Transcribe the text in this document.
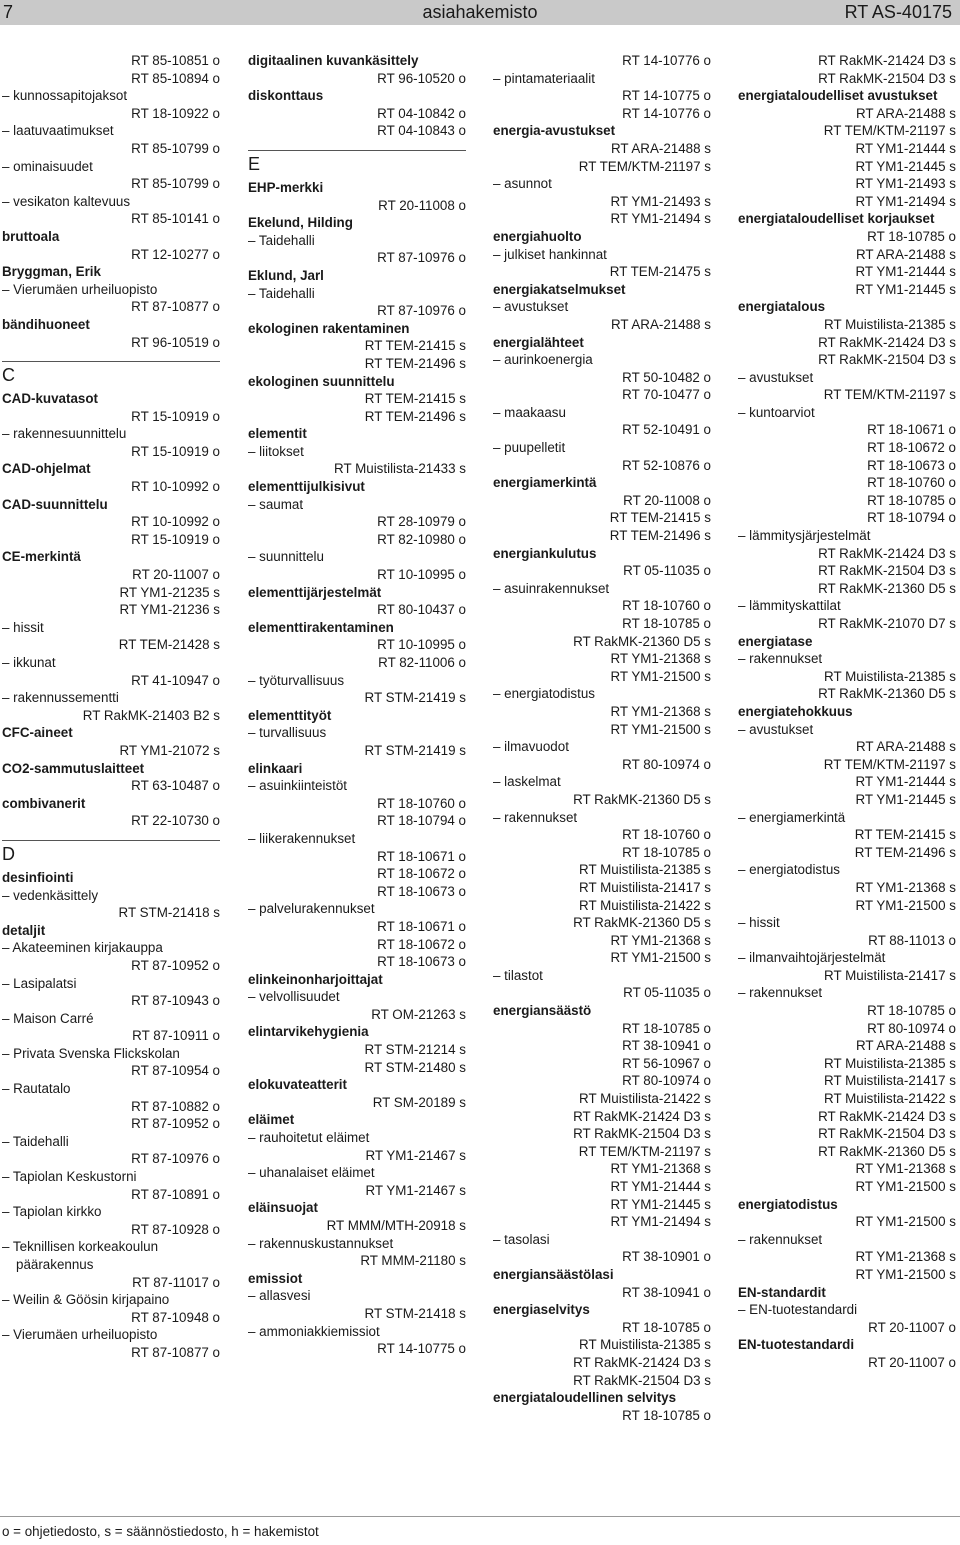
7	asiahakemisto	RT AS-40175
RT 85-10851 o
RT 85-10894 o
– kunnossapitojaksot
RT 18-10922 o
– laatuvaatimukset
RT 85-10799 o
– ominaisuudet
RT 85-10799 o
– vesikaton kaltevuus
RT 85-10141 o
bruttoala
RT 12-10277 o
Bryggman, Erik
– Vierumäen urheiluopisto
RT 87-10877 o
bändihuoneet
RT 96-10519 o
C
CAD-kuvatasot
RT 15-10919 o
– rakennesuunnittelu
RT 15-10919 o
CAD-ohjelmat
RT 10-10992 o
CAD-suunnittelu
RT 10-10992 o
RT 15-10919 o
CE-merkintä
RT 20-11007 o
RT YM1-21235 s
RT YM1-21236 s
– hissit
RT TEM-21428 s
– ikkunat
RT 41-10947 o
– rakennussementti
RT RakMK-21403 B2 s
CFC-aineet
RT YM1-21072 s
CO2-sammutuslaitteet
RT 63-10487 o
combivanerit
RT 22-10730 o
D
desinfiointi
– vedenkäsittely
RT STM-21418 s
detaljit
– Akateeminen kirjakauppa
RT 87-10952 o
– Lasipalatsi
RT 87-10943 o
– Maison Carré
RT 87-10911 o
– Privata Svenska Flickskolan
RT 87-10954 o
– Rautatalo
RT 87-10882 o
RT 87-10952 o
– Taidehalli
RT 87-10976 o
– Tapiolan Keskustorni
RT 87-10891 o
– Tapiolan kirkko
RT 87-10928 o
– Teknillisen korkeakoulun päärakennus
RT 87-11017 o
– Weilin & Göösin kirjapaino
RT 87-10948 o
– Vierumäen urheiluopisto
RT 87-10877 o
digitaalinen kuvankäsittely
RT 96-10520 o
diskonttaus
RT 04-10842 o
RT 04-10843 o
E
EHP-merkki
RT 20-11008 o
Ekelund, Hilding
– Taidehalli
RT 87-10976 o
Eklund, Jarl
– Taidehalli
RT 87-10976 o
ekologinen rakentaminen
RT TEM-21415 s
RT TEM-21496 s
ekologinen suunnittelu
RT TEM-21415 s
RT TEM-21496 s
elementit
– liitokset
RT Muistilista-21433 s
elementtijulkisivut
– saumat
RT 28-10979 o
RT 82-10980 o
– suunnittelu
RT 10-10995 o
elementtijärjestelmät
RT 80-10437 o
elementtirakentaminen
RT 10-10995 o
RT 82-11006 o
– työturvallisuus
RT STM-21419 s
elementtityöt
– turvallisuus
RT STM-21419 s
elinkaari
– asuinkiinteistöt
RT 18-10760 o
RT 18-10794 o
– liikerakennukset
RT 18-10671 o
RT 18-10672 o
RT 18-10673 o
– palvelurakennukset
RT 18-10671 o
RT 18-10672 o
RT 18-10673 o
elinkeinonharjoittajat
– velvollisuudet
RT OM-21263 s
elintarvikehygienia
RT STM-21214 s
RT STM-21480 s
elokuvateatterit
RT SM-20189 s
eläimet
– rauhoitetut eläimet
RT YM1-21467 s
– uhanalaiset eläimet
RT YM1-21467 s
eläinsuojat
RT MMM/MTH-20918 s
– rakennuskustannukset
RT MMM-21180 s
emissiot
– allasvesi
RT STM-21418 s
– ammoniakkiemissiot
RT 14-10775 o
RT 14-10776 o
– pintamateriaalit
RT 14-10775 o
RT 14-10776 o
energia-avustukset
RT ARA-21488 s
RT TEM/KTM-21197 s
– asunnot
RT YM1-21493 s
RT YM1-21494 s
energiahuolto
– julkiset hankinnat
RT TEM-21475 s
energiakatselmukset
– avustukset
RT ARA-21488 s
energialähteet
– aurinkoenergia
RT 50-10482 o
RT 70-10477 o
– maakaasu
RT 52-10491 o
– puupelletit
RT 52-10876 o
energiamerkintä
RT 20-11008 o
RT TEM-21415 s
RT TEM-21496 s
energiankulutus
RT 05-11035 o
– asuinrakennukset
RT 18-10760 o
RT 18-10785 o
RT RakMK-21360 D5 s
RT YM1-21368 s
RT YM1-21500 s
– energiatodistus
RT YM1-21368 s
RT YM1-21500 s
– ilmavuodot
RT 80-10974 o
– laskelmat
RT RakMK-21360 D5 s
– rakennukset
RT 18-10760 o
RT 18-10785 o
RT Muistilista-21385 s
RT Muistilista-21417 s
RT Muistilista-21422 s
RT RakMK-21360 D5 s
RT YM1-21368 s
RT YM1-21500 s
– tilastot
RT 05-11035 o
energiansäästö
RT 18-10785 o
RT 38-10941 o
RT 56-10967 o
RT 80-10974 o
RT Muistilista-21422 s
RT RakMK-21424 D3 s
RT RakMK-21504 D3 s
RT TEM/KTM-21197 s
RT YM1-21368 s
RT YM1-21444 s
RT YM1-21445 s
RT YM1-21494 s
– tasolasi
RT 38-10901 o
energiansäästölasi
RT 38-10941 o
energiaselvitys
RT 18-10785 o
RT Muistilista-21385 s
RT RakMK-21424 D3 s
RT RakMK-21504 D3 s
energiataloudellinen selvitys
RT 18-10785 o
RT RakMK-21424 D3 s
RT RakMK-21504 D3 s
energiataloudelliset avustukset
RT ARA-21488 s
RT TEM/KTM-21197 s
RT YM1-21444 s
RT YM1-21445 s
RT YM1-21493 s
RT YM1-21494 s
energiataloudelliset korjaukset
RT 18-10785 o
RT ARA-21488 s
RT YM1-21444 s
RT YM1-21445 s
energiatalous
RT Muistilista-21385 s
RT RakMK-21424 D3 s
RT RakMK-21504 D3 s
– avustukset
RT TEM/KTM-21197 s
– kuntoarviot
RT 18-10671 o
RT 18-10672 o
RT 18-10673 o
RT 18-10760 o
RT 18-10785 o
RT 18-10794 o
– lämmitysjärjestelmät
RT RakMK-21424 D3 s
RT RakMK-21504 D3 s
RT RakMK-21360 D5 s
– lämmityskattilat
RT RakMK-21070 D7 s
energiatase
– rakennukset
RT Muistilista-21385 s
RT RakMK-21360 D5 s
energiatehokkuus
– avustukset
RT ARA-21488 s
RT TEM/KTM-21197 s
RT YM1-21444 s
RT YM1-21445 s
– energiamerkintä
RT TEM-21415 s
RT TEM-21496 s
– energiatodistus
RT YM1-21368 s
RT YM1-21500 s
– hissit
RT 88-11013 o
– ilmanvaihtojärjestelmät
RT Muistilista-21417 s
– rakennukset
RT 18-10785 o
RT 80-10974 o
RT ARA-21488 s
RT Muistilista-21385 s
RT Muistilista-21417 s
RT Muistilista-21422 s
RT RakMK-21424 D3 s
RT RakMK-21504 D3 s
RT RakMK-21360 D5 s
RT YM1-21368 s
RT YM1-21500 s
energiatodistus
RT YM1-21500 s
– rakennukset
RT YM1-21368 s
RT YM1-21500 s
EN-standardit
– EN-tuotestandardi
RT 20-11007 o
EN-tuotestandardi
RT 20-11007 o
o = ohjetiedosto, s = säännöstiedosto, h = hakemistot
